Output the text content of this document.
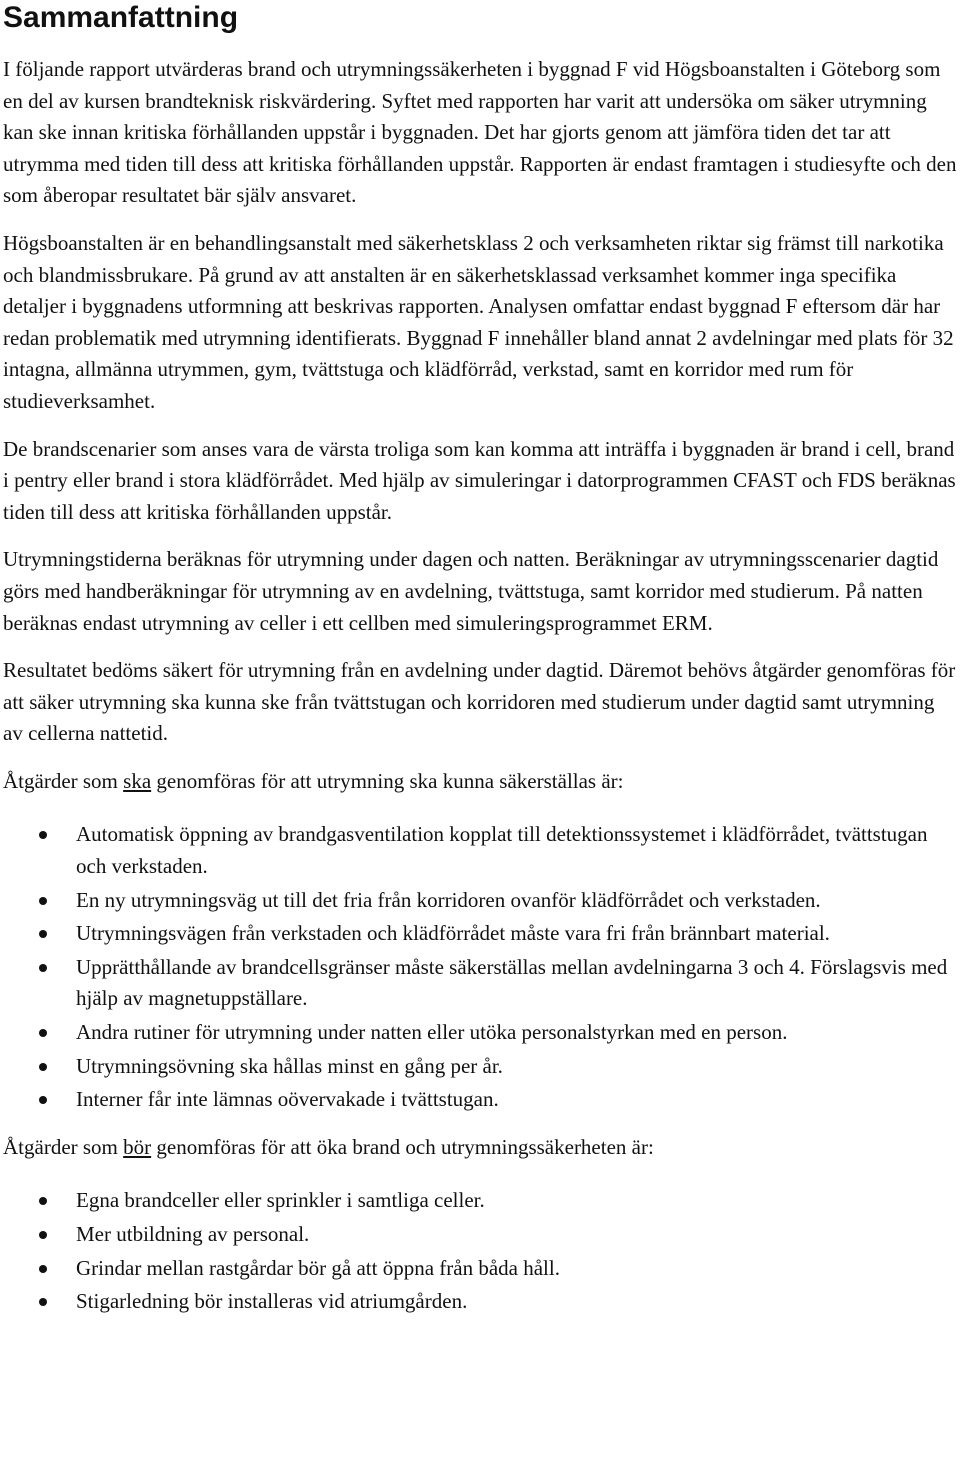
Sammanfattning

I följande rapport utvärderas brand och utrymningssäkerheten i byggnad F vid Högsboanstalten i Göteborg som en del av kursen brandteknisk riskvärdering. Syftet med rapporten har varit att undersöka om säker utrymning kan ske innan kritiska förhållanden uppstår i byggnaden. Det har gjorts genom att jämföra tiden det tar att utrymma med tiden till dess att kritiska förhållanden uppstår. Rapporten är endast framtagen i studiesyfte och den som åberopar resultatet bär själv ansvaret.

Högsboanstalten är en behandlingsanstalt med säkerhetsklass 2 och verksamheten riktar sig främst till narkotika och blandmissbrukare. På grund av att anstalten är en säkerhetsklassad verksamhet kommer inga specifika detaljer i byggnadens utformning att beskrivas rapporten. Analysen omfattar endast byggnad F eftersom där har redan problematik med utrymning identifierats. Byggnad F innehåller bland annat 2 avdelningar med plats för 32 intagna, allmänna utrymmen, gym, tvättstuga och klädförråd, verkstad, samt en korridor med rum för studieverksamhet.

De brandscenarier som anses vara de värsta troliga som kan komma att inträffa i byggnaden är brand i cell, brand i pentry eller brand i stora klädförrådet. Med hjälp av simuleringar i datorprogrammen CFAST och FDS beräknas tiden till dess att kritiska förhållanden uppstår.

Utrymningstiderna beräknas för utrymning under dagen och natten. Beräkningar av utrymningsscenarier dagtid görs med handberäkningar för utrymning av en avdelning, tvättstuga, samt korridor med studierum. På natten beräknas endast utrymning av celler i ett cellben med simuleringsprogrammet ERM.

Resultatet bedöms säkert för utrymning från en avdelning under dagtid. Däremot behövs åtgärder genomföras för att säker utrymning ska kunna ske från tvättstugan och korridoren med studierum under dagtid samt utrymning av cellerna nattetid.

Åtgärder som ska genomföras för att utrymning ska kunna säkerställas är:

Automatisk öppning av brandgasventilation kopplat till detektionssystemet i klädförrådet, tvättstugan och verkstaden.
En ny utrymningsväg ut till det fria från korridoren ovanför klädförrådet och verkstaden.
Utrymningsvägen från verkstaden och klädförrådet måste vara fri från brännbart material.
Upprätthållande av brandcellsgränser måste säkerställas mellan avdelningarna 3 och 4. Förslagsvis med hjälp av magnetuppställare.
Andra rutiner för utrymning under natten eller utöka personalstyrkan med en person.
Utrymningsövning ska hållas minst en gång per år.
Interner får inte lämnas oövervakade i tvättstugan.

Åtgärder som bör genomföras för att öka brand och utrymningssäkerheten är:

Egna brandceller eller sprinkler i samtliga celler.
Mer utbildning av personal.
Grindar mellan rastgårdar bör gå att öppna från båda håll.
Stigarledning bör installeras vid atriumgården.
